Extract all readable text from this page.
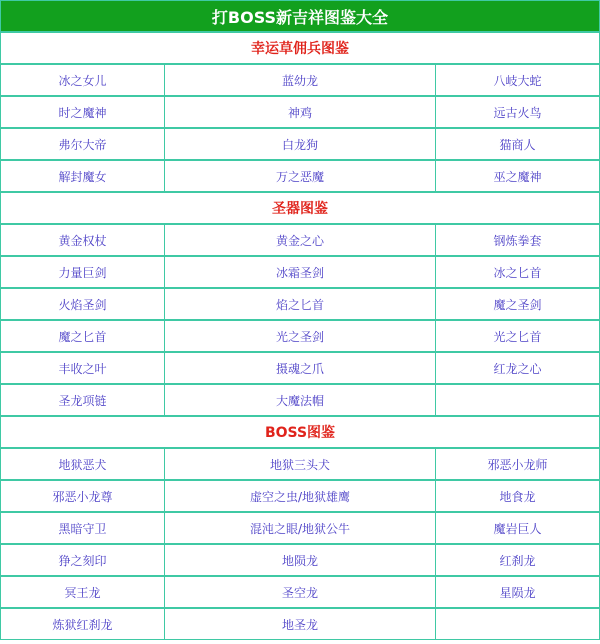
打BOSS新吉祥图鉴大全
幸运草佣兵图鉴
冰之女儿	蓝幼龙	八岐大蛇
时之魔神	神鸡	远古火鸟
弗尔大帝	白龙狗	猫商人
解封魔女	万之恶魔	巫之魔神
圣器图鉴
黄金权杖	黄金之心	钢炼拳套
力量巨剑	冰霜圣剑	冰之匕首
火焰圣剑	焰之匕首	魔之圣剑
魔之匕首	光之圣剑	光之匕首
丰收之叶	摄魂之爪	红龙之心
圣龙项链	大魔法帽
BOSS图鉴
地狱恶犬	地狱三头犬	邪恶小龙师
邪恶小龙尊	虚空之虫/地狱雄鹰	地食龙
黑暗守卫	混沌之眼/地狱公牛	魔岩巨人
狰之刻印	地陨龙	红刹龙
冥王龙	圣空龙	星陨龙
炼狱红刹龙	地圣龙
